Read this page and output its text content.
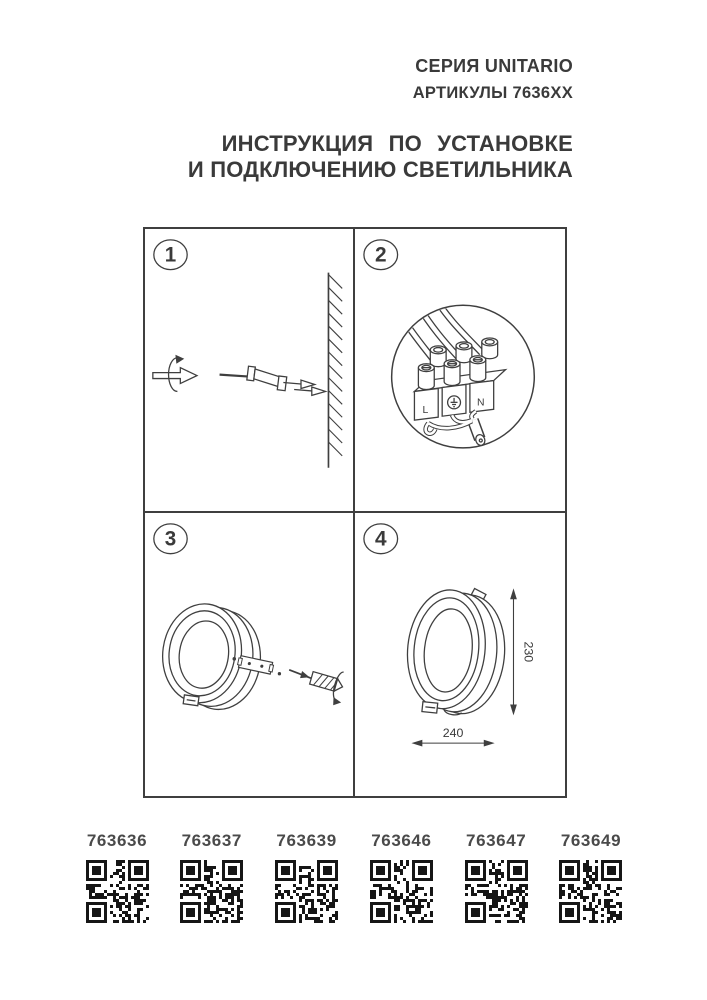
СЕРИЯ UNITARIO
АРТИКУЛЫ 7636XX
ИНСТРУКЦИЯ ПО УСТАНОВКЕ
И ПОДКЛЮЧЕНИЮ СВЕТИЛЬНИКА
1	2
L
N
3	4
230
240
763636	763637	763639	763646	763647	763649
